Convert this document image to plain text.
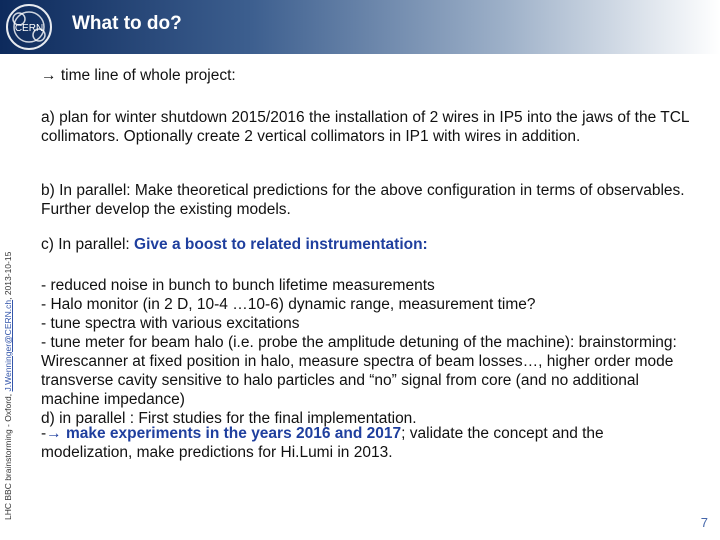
CERN What to do?
LHC BBC brainstorming - Oxford, J.Wenninger@CERN.ch, 2013-10-15
→ time line of whole project:
a) plan for winter shutdown 2015/2016 the installation of 2 wires in IP5 into the jaws of the TCL collimators. Optionally create 2 vertical collimators in IP1 with wires in addition.
b) In parallel: Make theoretical predictions for the above configuration in terms of observables. Further develop the existing models.
c) In parallel: Give a boost to related instrumentation:
- reduced noise in bunch to bunch lifetime measurements
- Halo monitor (in 2 D, 10-4 …10-6) dynamic range, measurement time?
- tune spectra with various excitations
- tune meter for beam halo (i.e. probe the amplitude detuning of the machine): brainstorming: Wirescanner at fixed position in halo, measure spectra of beam losses…, higher order mode transverse cavity sensitive to halo particles and “no” signal from core (and no additional machine impedance)
d) in parallel : First studies for the final implementation.
-→ make experiments in the years 2016 and 2017; validate the concept and the modelization, make predictions for Hi.Lumi in 2013.
7
